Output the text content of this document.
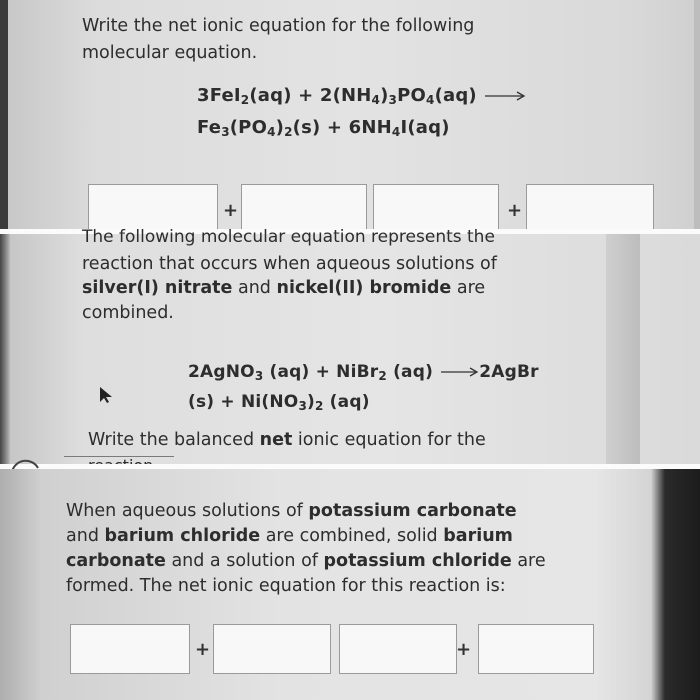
Write the net ionic equation for the following
molecular equation.
$3FeI_2(aq) + 2(NH_4)_3PO_4(aq)$ →
$Fe_3(PO_4)_2(s) + 6NH_4I(aq)$
+	+
The following molecular equation represents the
reaction that occurs when aqueous solutions of
silver(I) nitrate and nickel(II) bromide are
combined.
2AgNO$_3$ (aq) + NiBr$_2$ (aq) →2AgBr
$(s) + Ni(NO_3)_2$ (aq)
Write the balanced net ionic equation for the
When aqueous solutions of potassium carbonate
and barium chloride are combined, solid barium
carbonate and a solution of potassium chloride are
formed. The net ionic equation for this reaction is:
+	+
